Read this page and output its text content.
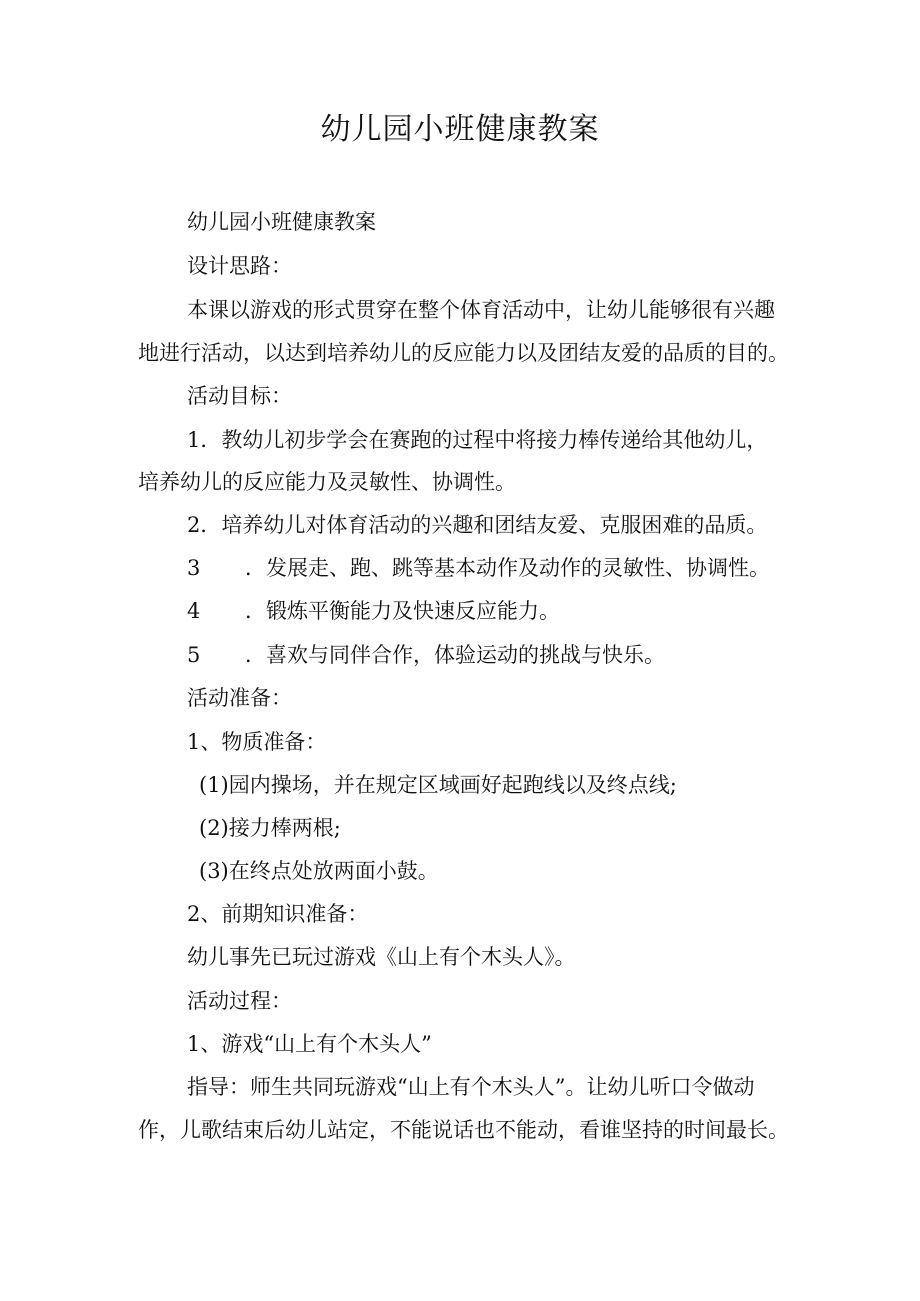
幼儿园小班健康教案
幼儿园小班健康教案
设计思路：
本课以游戏的形式贯穿在整个体育活动中，让幼儿能够很有兴趣
地进行活动，以达到培养幼儿的反应能力以及团结友爱的品质的目的。
活动目标：
1．教幼儿初步学会在赛跑的过程中将接力棒传递给其他幼儿，
培养幼儿的反应能力及灵敏性、协调性。
2．培养幼儿对体育活动的兴趣和团结友爱、克服困难的品质。
3 ．发展走、跑、跳等基本动作及动作的灵敏性、协调性。
4 ．锻炼平衡能力及快速反应能力。
5 ．喜欢与同伴合作，体验运动的挑战与快乐。
活动准备：
1、物质准备：
(1)园内操场，并在规定区域画好起跑线以及终点线;
(2)接力棒两根;
(3)在终点处放两面小鼓。
2、前期知识准备：
幼儿事先已玩过游戏《山上有个木头人》。
活动过程：
1、游戏“山上有个木头人”
指导：师生共同玩游戏“山上有个木头人”。让幼儿听口令做动
作，儿歌结束后幼儿站定，不能说话也不能动，看谁坚持的时间最长。
